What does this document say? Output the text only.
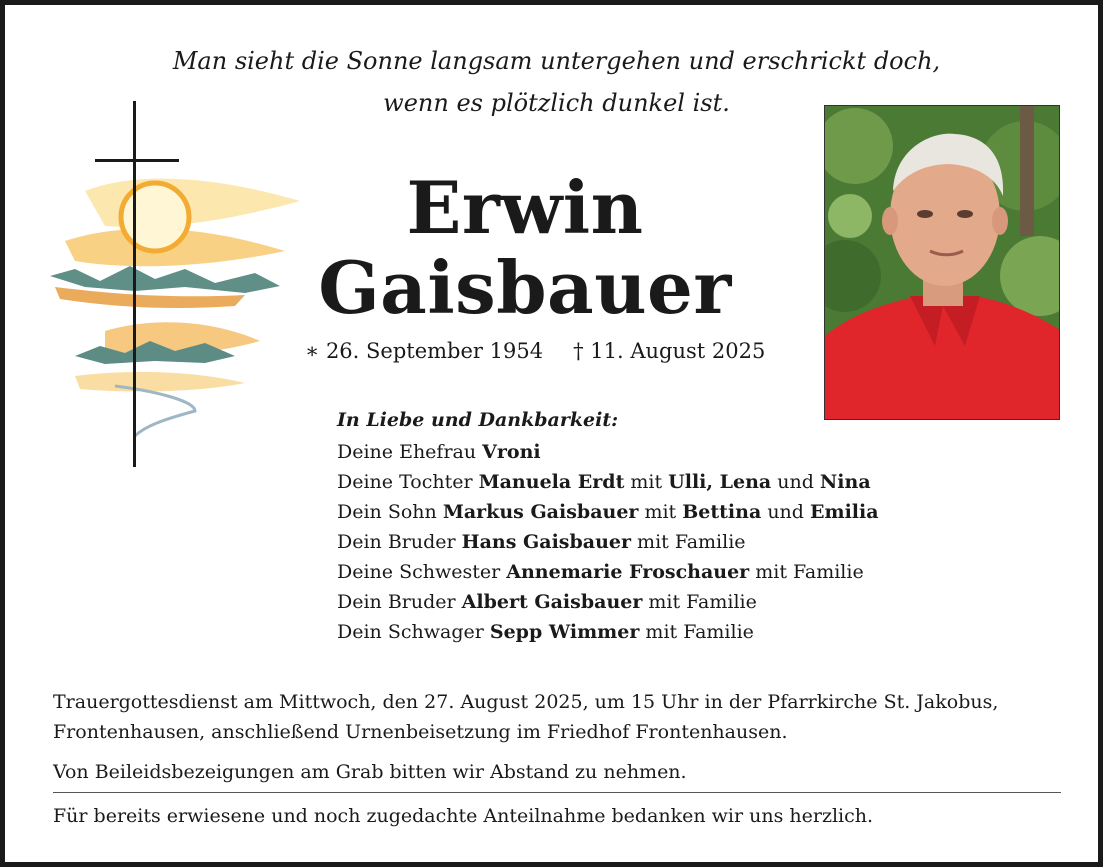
Man sieht die Sonne langsam untergehen und erschrickt doch,
wenn es plötzlich dunkel ist.
Erwin
Gaisbauer
∗ 26. September 1954 † 11. August 2025
In Liebe und Dankbarkeit:
Deine Ehefrau Vroni
Deine Tochter Manuela Erdt mit Ulli, Lena und Nina
Dein Sohn Markus Gaisbauer mit Bettina und Emilia
Dein Bruder Hans Gaisbauer mit Familie
Deine Schwester Annemarie Froschauer mit Familie
Dein Bruder Albert Gaisbauer mit Familie
Dein Schwager Sepp Wimmer mit Familie
Trauergottesdienst am Mittwoch, den 27. August 2025, um 15 Uhr in der Pfarrkirche St. Jakobus, Frontenhausen, anschließend Urnenbeisetzung im Friedhof Frontenhausen.
Von Beileidsbezeigungen am Grab bitten wir Abstand zu nehmen.
Für bereits erwiesene und noch zugedachte Anteilnahme bedanken wir uns herzlich.
